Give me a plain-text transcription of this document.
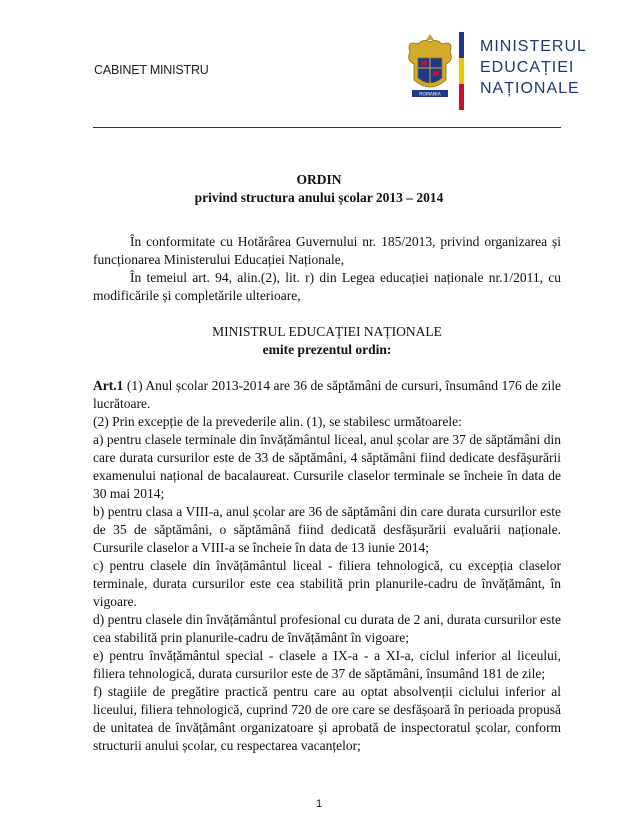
CABINET MINISTRU
ROMANIA
MINISTERUL
EDUCAȚIEI
NAȚIONALE
ORDIN
privind structura anului școlar 2013 – 2014

În conformitate cu Hotărârea Guvernului nr. 185/2013, privind organizarea și funcționarea Ministerului Educației Naționale,

În temeiul art. 94, alin.(2), lit. r) din Legea educației naționale nr.1/2011, cu modificările și completările ulterioare,

MINISTRUL EDUCAȚIEI NAȚIONALE

emite prezentul ordin:

Art.1 (1) Anul școlar 2013-2014 are 36 de săptămâni de cursuri, însumând 176 de zile lucrătoare.

(2) Prin excepție de la prevederile alin. (1), se stabilesc următoarele:

a) pentru clasele terminale din învățământul liceal, anul școlar are 37 de săptămâni din care durata cursurilor este de 33 de săptămâni, 4 săptămâni fiind dedicate desfășurării examenului național de bacalaureat. Cursurile claselor terminale se încheie în data de 30 mai 2014;

b) pentru clasa a VIII-a, anul școlar are 36 de săptămâni din care durata cursurilor este de 35 de săptămâni, o săptămână fiind dedicată desfășurării evaluării naționale. Cursurile claselor a VIII-a se încheie în data de 13 iunie 2014;

c) pentru clasele din învățământul liceal - filiera tehnologică, cu excepția claselor terminale, durata cursurilor este cea stabilită prin planurile-cadru de învățământ, în vigoare.

d) pentru clasele din învățământul profesional cu durata de 2 ani, durata cursurilor este cea stabilită prin planurile-cadru de învățământ în vigoare;

e) pentru învățământul special - clasele a IX-a - a XI-a, ciclul inferior al liceului, filiera tehnologică, durata cursurilor este de 37 de săptămâni, însumând 181 de zile;

f) stagiile de pregătire practică pentru care au optat absolvenții ciclului inferior al liceului, filiera tehnologică, cuprind 720 de ore care se desfășoară în perioada propusă de unitatea de învățământ organizatoare și aprobată de inspectoratul școlar, conform structurii anului școlar, cu respectarea vacanțelor;

1
